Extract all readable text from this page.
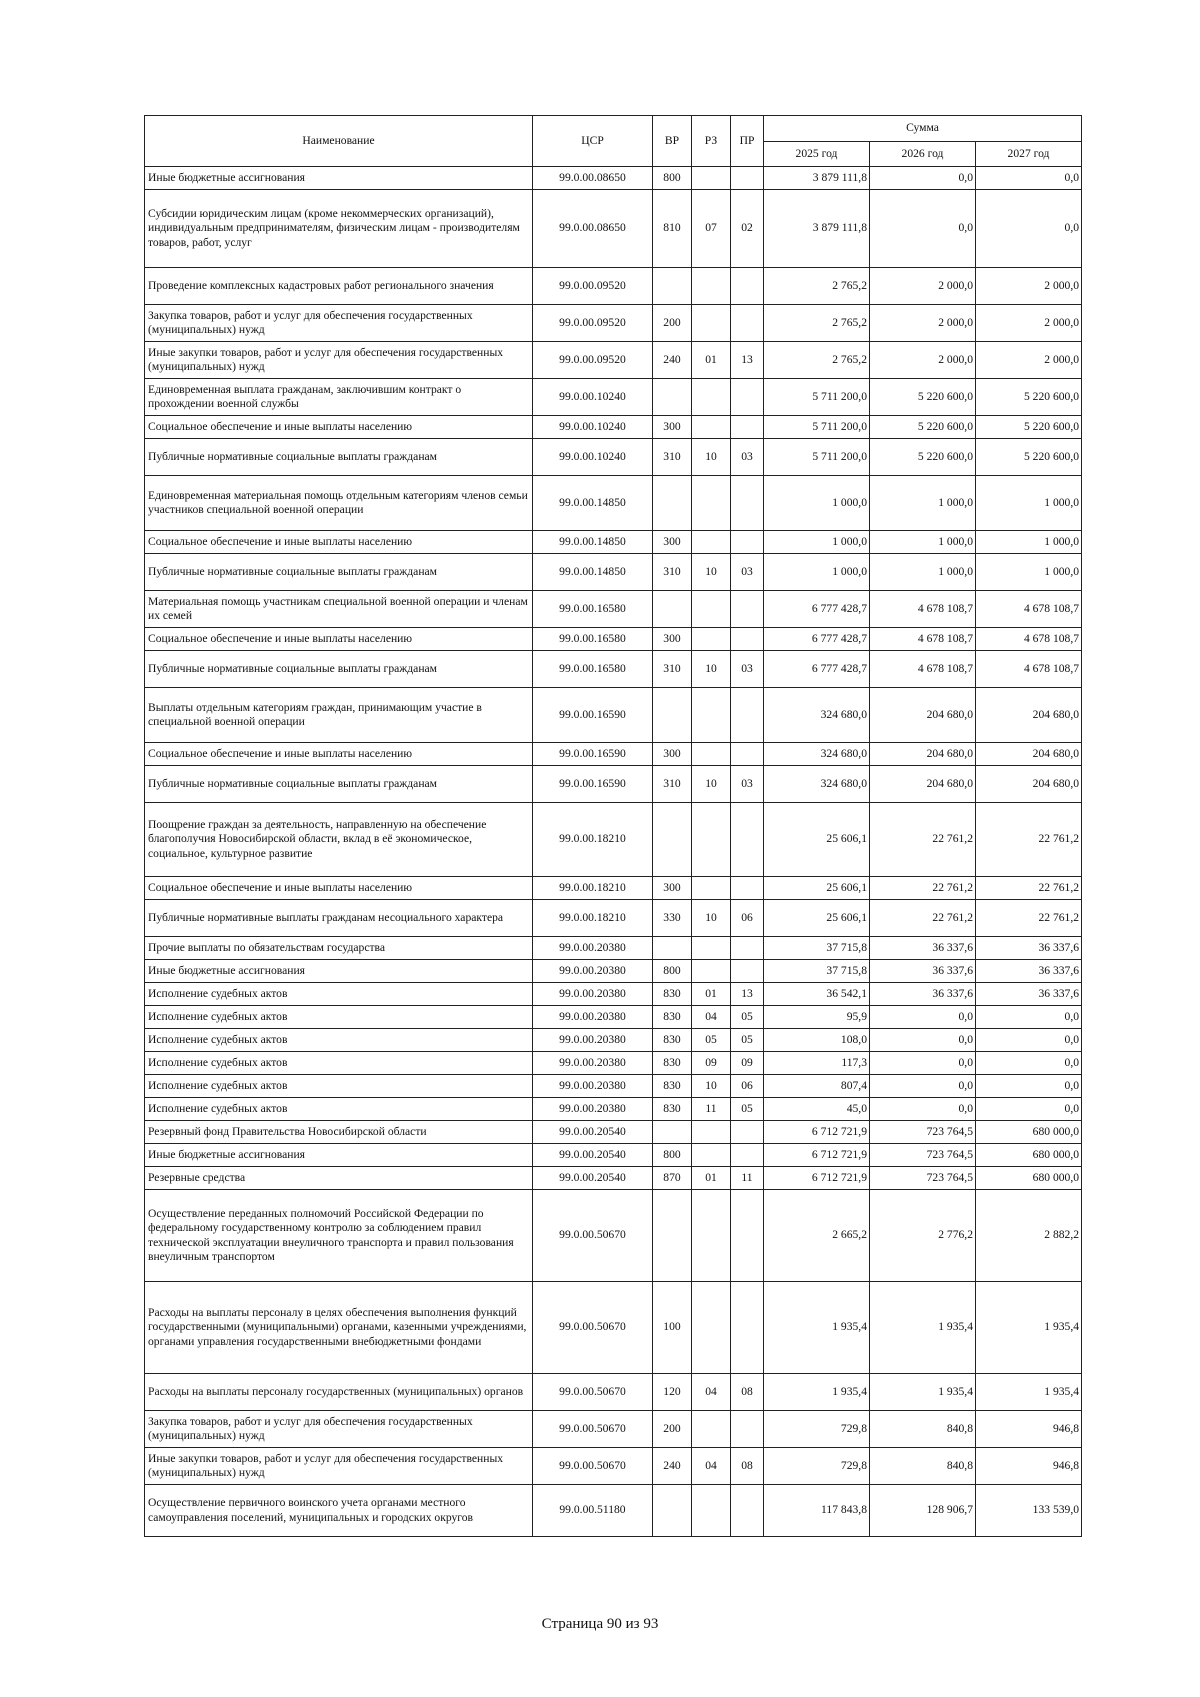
Наименование	ЦСР	ВР	РЗ	ПР	Сумма		
					2025 год	2026 год	2027 год
Иные бюджетные ассигнования	99.0.00.08650	800			3 879 111,8	0,0	0,0
Субсидии юридическим лицам (кроме некоммерческих организаций), индивидуальным предпринимателям, физическим лицам - производителям товаров, работ, услуг	99.0.00.08650	810	07	02	3 879 111,8	0,0	0,0
Проведение комплексных кадастровых работ регионального значения	99.0.00.09520				2 765,2	2 000,0	2 000,0
Закупка товаров, работ и услуг для обеспечения государственных (муниципальных) нужд	99.0.00.09520	200			2 765,2	2 000,0	2 000,0
Иные закупки товаров, работ и услуг для обеспечения государственных (муниципальных) нужд	99.0.00.09520	240	01	13	2 765,2	2 000,0	2 000,0
Единовременная выплата гражданам, заключившим контракт о прохождении военной службы	99.0.00.10240				5 711 200,0	5 220 600,0	5 220 600,0
Социальное обеспечение и иные выплаты населению	99.0.00.10240	300			5 711 200,0	5 220 600,0	5 220 600,0
Публичные нормативные социальные выплаты гражданам	99.0.00.10240	310	10	03	5 711 200,0	5 220 600,0	5 220 600,0
Единовременная материальная помощь отдельным категориям членов семьи участников специальной военной операции	99.0.00.14850				1 000,0	1 000,0	1 000,0
Социальное обеспечение и иные выплаты населению	99.0.00.14850	300			1 000,0	1 000,0	1 000,0
Публичные нормативные социальные выплаты гражданам	99.0.00.14850	310	10	03	1 000,0	1 000,0	1 000,0
Материальная помощь участникам специальной военной операции и членам их семей	99.0.00.16580				6 777 428,7	4 678 108,7	4 678 108,7
Социальное обеспечение и иные выплаты населению	99.0.00.16580	300			6 777 428,7	4 678 108,7	4 678 108,7
Публичные нормативные социальные выплаты гражданам	99.0.00.16580	310	10	03	6 777 428,7	4 678 108,7	4 678 108,7
Выплаты отдельным категориям граждан, принимающим участие в специальной военной операции	99.0.00.16590				324 680,0	204 680,0	204 680,0
Социальное обеспечение и иные выплаты населению	99.0.00.16590	300			324 680,0	204 680,0	204 680,0
Публичные нормативные социальные выплаты гражданам	99.0.00.16590	310	10	03	324 680,0	204 680,0	204 680,0
Поощрение граждан за деятельность, направленную на обеспечение благополучия Новосибирской области, вклад в её экономическое, социальное, культурное развитие	99.0.00.18210				25 606,1	22 761,2	22 761,2
Социальное обеспечение и иные выплаты населению	99.0.00.18210	300			25 606,1	22 761,2	22 761,2
Публичные нормативные выплаты гражданам несоциального характера	99.0.00.18210	330	10	06	25 606,1	22 761,2	22 761,2
Прочие выплаты по обязательствам государства	99.0.00.20380				37 715,8	36 337,6	36 337,6
Иные бюджетные ассигнования	99.0.00.20380	800			37 715,8	36 337,6	36 337,6
Исполнение судебных актов	99.0.00.20380	830	01	13	36 542,1	36 337,6	36 337,6
Исполнение судебных актов	99.0.00.20380	830	04	05	95,9	0,0	0,0
Исполнение судебных актов	99.0.00.20380	830	05	05	108,0	0,0	0,0
Исполнение судебных актов	99.0.00.20380	830	09	09	117,3	0,0	0,0
Исполнение судебных актов	99.0.00.20380	830	10	06	807,4	0,0	0,0
Исполнение судебных актов	99.0.00.20380	830	11	05	45,0	0,0	0,0
Резервный фонд Правительства Новосибирской области	99.0.00.20540				6 712 721,9	723 764,5	680 000,0
Иные бюджетные ассигнования	99.0.00.20540	800			6 712 721,9	723 764,5	680 000,0
Резервные средства	99.0.00.20540	870	01	11	6 712 721,9	723 764,5	680 000,0
Осуществление переданных полномочий Российской Федерации по федеральному государственному контролю за соблюдением правил технической эксплуатации внеуличного транспорта и правил пользования внеуличным транспортом	99.0.00.50670				2 665,2	2 776,2	2 882,2
Расходы на выплаты персоналу в целях обеспечения выполнения функций государственными (муниципальными) органами, казенными учреждениями, органами управления государственными внебюджетными фондами	99.0.00.50670	100			1 935,4	1 935,4	1 935,4
Расходы на выплаты персоналу государственных (муниципальных) органов	99.0.00.50670	120	04	08	1 935,4	1 935,4	1 935,4
Закупка товаров, работ и услуг для обеспечения государственных (муниципальных) нужд	99.0.00.50670	200			729,8	840,8	946,8
Иные закупки товаров, работ и услуг для обеспечения государственных (муниципальных) нужд	99.0.00.50670	240	04	08	729,8	840,8	946,8
Осуществление первичного воинского учета органами местного самоуправления поселений, муниципальных и городских округов	99.0.00.51180				117 843,8	128 906,7	133 539,0
Страница 90 из 93
